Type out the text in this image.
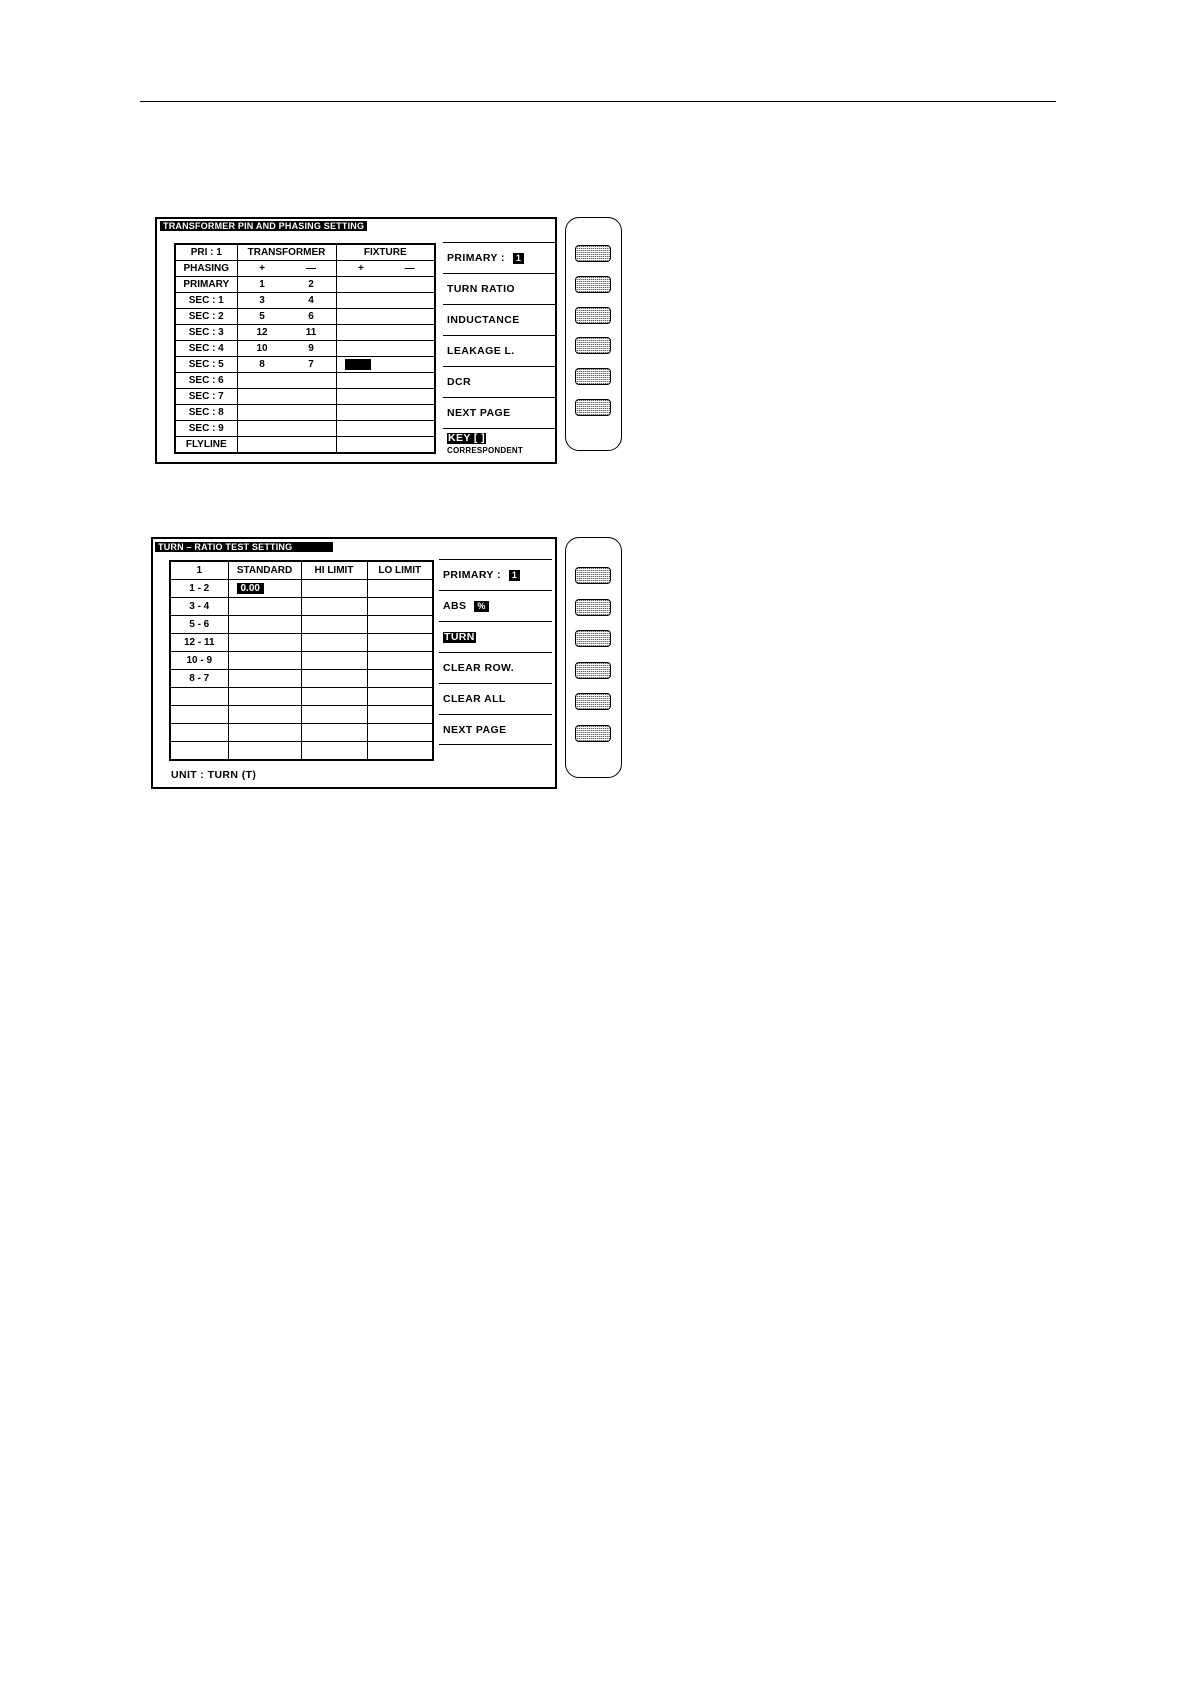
TRANSFORMER PIN AND PHASING SETTING
PRI : 1	TRANSFORMER	FIXTURE
PHASING	+ —	+ —

PRIMARY	1 2	

SEC : 1	3 4	

SEC : 2	5 6	

SEC : 3	12 11	

SEC : 4	10 9	

SEC : 5	8 7	

SEC : 6	

SEC : 7	

SEC : 8	

SEC : 9	

FLYLINE	

PRIMARY :	1
TURN RATIO
INDUCTANCE
LEAKAGE L.
DCR
NEXT PAGE
KEY [ ]
CORRESPONDENT
TURN – RATIO TEST SETTING
1	STANDARD	HI LIMIT	LO LIMIT
1 - 2	0.00		
3 - 4			
5 - 6			
12 - 11			
10 - 9			
8 - 7			

UNIT : TURN (T)
PRIMARY :	1
ABS	%
TURN
CLEAR ROW.
CLEAR ALL
NEXT PAGE
